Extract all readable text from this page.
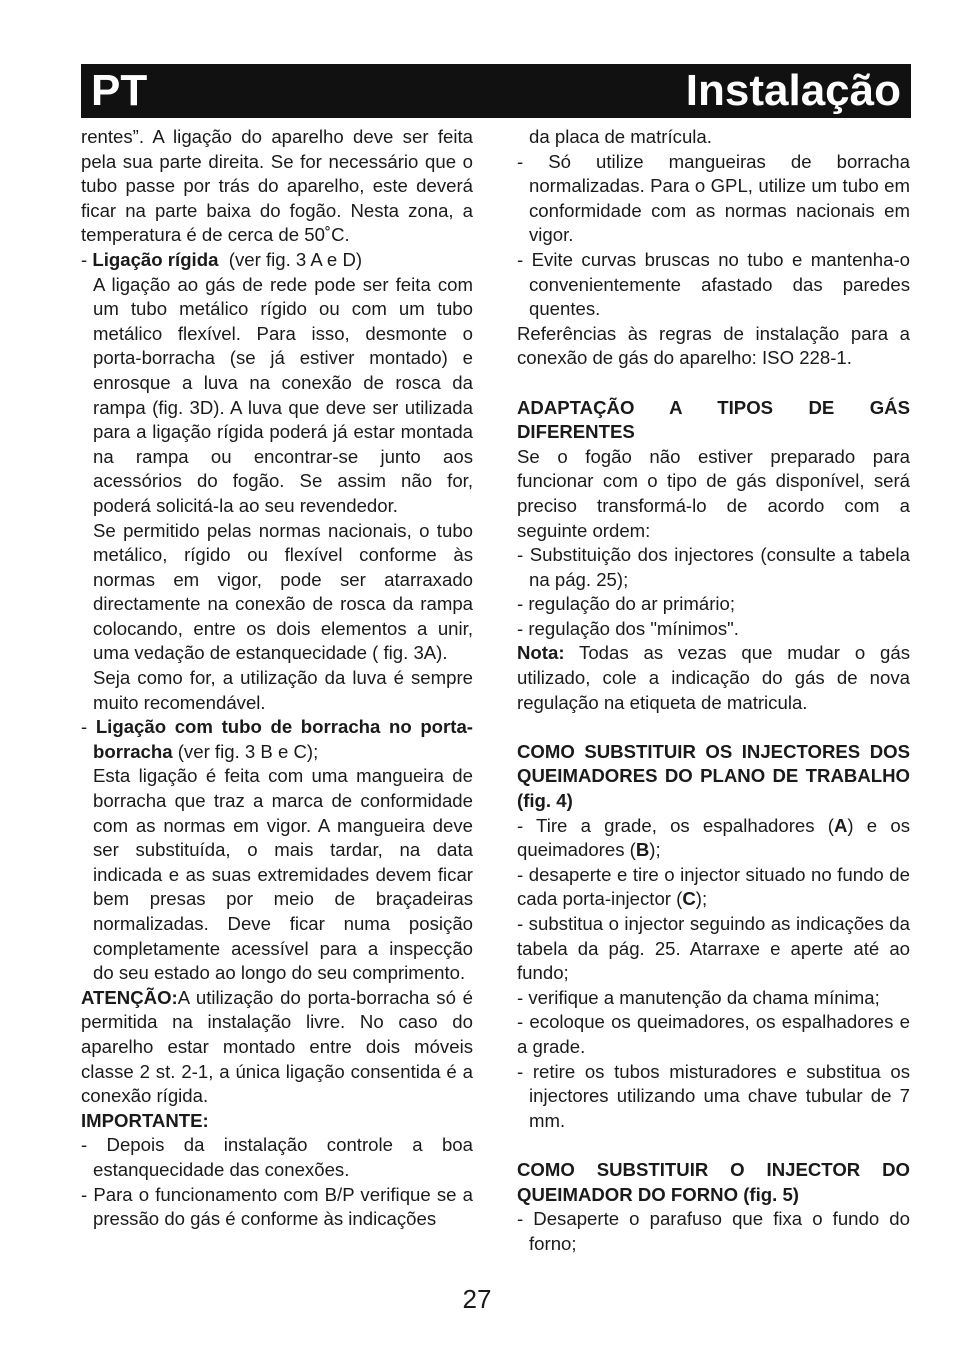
PT	Instalação

rentes”. A ligação do aparelho deve ser feita pela sua parte direita. Se for necessário que o tubo passe por trás do aparelho, este deverá ficar na parte baixa do fogão. Nesta zona, a temperatura é de cerca de 50˚C.

- Ligação rígida  (ver fig. 3 A e D)

A ligação ao gás de rede pode ser feita com um tubo metálico rígido ou com um tubo metálico flexível. Para isso, desmonte o porta-borracha (se já estiver montado) e enrosque a luva na conexão de rosca da rampa (fig. 3D). A luva que deve ser utilizada para a ligação rígida poderá já estar montada na rampa ou encontrar-se junto aos acessórios do fogão. Se assim não for, poderá solicitá-la ao seu revendedor.

Se permitido pelas normas nacionais, o tubo metálico, rígido ou flexível conforme às normas em vigor, pode ser atarraxado directamente na conexão de rosca da rampa colocando, entre os dois elementos a unir, uma vedação de estanquecidade ( fig. 3A).

Seja como for, a utilização da luva é sempre muito recomendável.

- Ligação com tubo de borracha no porta-borracha (ver fig. 3 B e C);

Esta ligação é feita com uma mangueira de borracha que traz a marca de conformidade com as normas em vigor. A mangueira deve ser substituída, o mais tardar, na data indicada e as suas extremidades devem ficar bem presas por meio de braçadeiras normalizadas. Deve ficar numa posição completamente acessível para a inspecção do seu estado ao longo do seu comprimento.

ATENÇÃO:A utilização do porta-borracha só é permitida na instalação livre. No caso do aparelho estar montado entre dois móveis classe 2 st. 2-1, a única ligação consentida é a conexão rígida.

IMPORTANTE:

- Depois da instalação controle a boa estanquecidade das conexões.

- Para o funcionamento com B/P verifique se a pressão do gás é conforme às indicações

da placa de matrícula.

- Só utilize mangueiras de borracha normalizadas. Para o GPL, utilize um tubo em conformidade com as normas nacionais em vigor.

- Evite curvas bruscas no tubo e mantenha-o convenientemente afastado das paredes quentes.

Referências às regras de instalação para a conexão de gás do aparelho: ISO 228-1.

ADAPTAÇÃO A TIPOS DE GÁS DIFERENTES

Se o fogão não estiver preparado para funcionar com o tipo de gás disponível, será preciso transformá-lo de acordo com a seguinte ordem:

- Substituição dos injectores (consulte a tabela na pág. 25);

- regulação do ar primário;

- regulação dos "mínimos".

Nota: Todas as vezas que mudar o gás utilizado, cole a indicação do gás de nova regulação na etiqueta de matricula.

COMO SUBSTITUIR OS INJECTORES DOS QUEIMADORES DO PLANO DE TRABALHO (fig. 4)

- Tire a grade, os espalhadores (A) e os queimadores (B);

- desaperte e tire o injector situado no fundo de cada porta-injector (C);

- substitua o injector seguindo as indicações da tabela da pág. 25. Atarraxe e aperte até ao fundo;

- verifique a manutenção da chama mínima;

- ecoloque os queimadores, os espalhadores e a grade.

- retire os tubos misturadores e substitua os injectores utilizando uma chave tubular de 7 mm.

COMO SUBSTITUIR O INJECTOR DO QUEIMADOR DO FORNO (fig. 5)

- Desaperte o parafuso que fixa o fundo do forno;

27
